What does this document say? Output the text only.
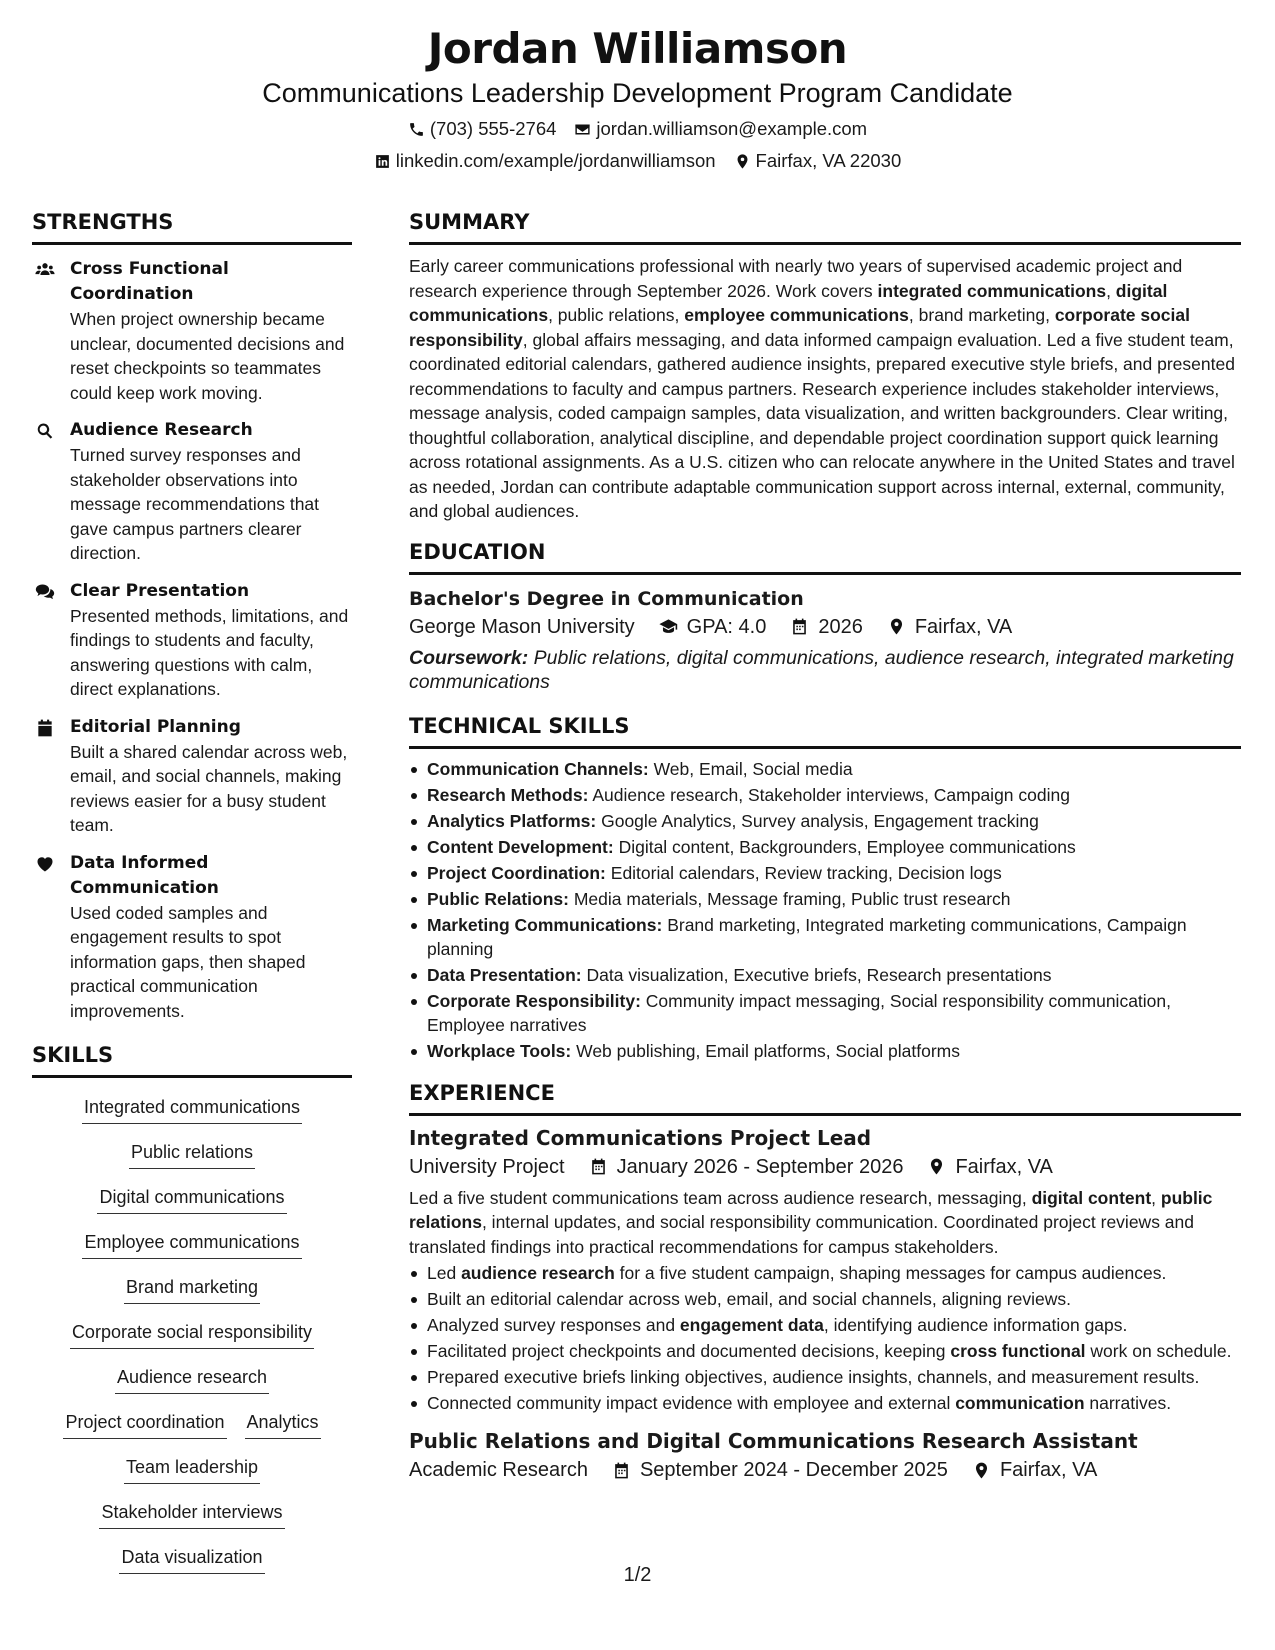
Jordan Williamson
Communications Leadership Development Program Candidate
(703) 555-2764 jordan.williamson@example.com
linkedin.com/example/jordanwilliamson Fairfax, VA 22030
STRENGTHS
Cross Functional Coordination
When project ownership became unclear, documented decisions and reset checkpoints so teammates could keep work moving.
Audience Research
Turned survey responses and stakeholder observations into message recommendations that gave campus partners clearer direction.
Clear Presentation
Presented methods, limitations, and findings to students and faculty, answering questions with calm, direct explanations.
Editorial Planning
Built a shared calendar across web, email, and social channels, making reviews easier for a busy student team.
Data Informed Communication
Used coded samples and engagement results to spot information gaps, then shaped practical communication improvements.
SKILLS
Integrated communications
Public relations
Digital communications
Employee communications
Brand marketing
Corporate social responsibility
Audience research
Project coordination Analytics
Team leadership
Stakeholder interviews
Data visualization
SUMMARY
Early career communications professional with nearly two years of supervised academic project and research experience through September 2026. Work covers integrated communications, digital communications, public relations, employee communications, brand marketing, corporate social responsibility, global affairs messaging, and data informed campaign evaluation. Led a five student team, coordinated editorial calendars, gathered audience insights, prepared executive style briefs, and presented recommendations to faculty and campus partners. Research experience includes stakeholder interviews, message analysis, coded campaign samples, data visualization, and written backgrounders. Clear writing, thoughtful collaboration, analytical discipline, and dependable project coordination support quick learning across rotational assignments. As a U.S. citizen who can relocate anywhere in the United States and travel as needed, Jordan can contribute adaptable communication support across internal, external, community, and global audiences.
EDUCATION
Bachelor's Degree in Communication
George Mason University	GPA: 4.0	2026	Fairfax, VA
Coursework: Public relations, digital communications, audience research, integrated marketing communications
TECHNICAL SKILLS
Communication Channels: Web, Email, Social media
Research Methods: Audience research, Stakeholder interviews, Campaign coding
Analytics Platforms: Google Analytics, Survey analysis, Engagement tracking
Content Development: Digital content, Backgrounders, Employee communications
Project Coordination: Editorial calendars, Review tracking, Decision logs
Public Relations: Media materials, Message framing, Public trust research
Marketing Communications: Brand marketing, Integrated marketing communications, Campaign planning
Data Presentation: Data visualization, Executive briefs, Research presentations
Corporate Responsibility: Community impact messaging, Social responsibility communication, Employee narratives
Workplace Tools: Web publishing, Email platforms, Social platforms
EXPERIENCE
Integrated Communications Project Lead
University Project	January 2026 - September 2026	Fairfax, VA
Led a five student communications team across audience research, messaging, digital content, public relations, internal updates, and social responsibility communication. Coordinated project reviews and translated findings into practical recommendations for campus stakeholders.
Led audience research for a five student campaign, shaping messages for campus audiences.
Built an editorial calendar across web, email, and social channels, aligning reviews.
Analyzed survey responses and engagement data, identifying audience information gaps.
Facilitated project checkpoints and documented decisions, keeping cross functional work on schedule.
Prepared executive briefs linking objectives, audience insights, channels, and measurement results.
Connected community impact evidence with employee and external communication narratives.
Public Relations and Digital Communications Research Assistant
Academic Research	September 2024 - December 2025	Fairfax, VA
1/2
